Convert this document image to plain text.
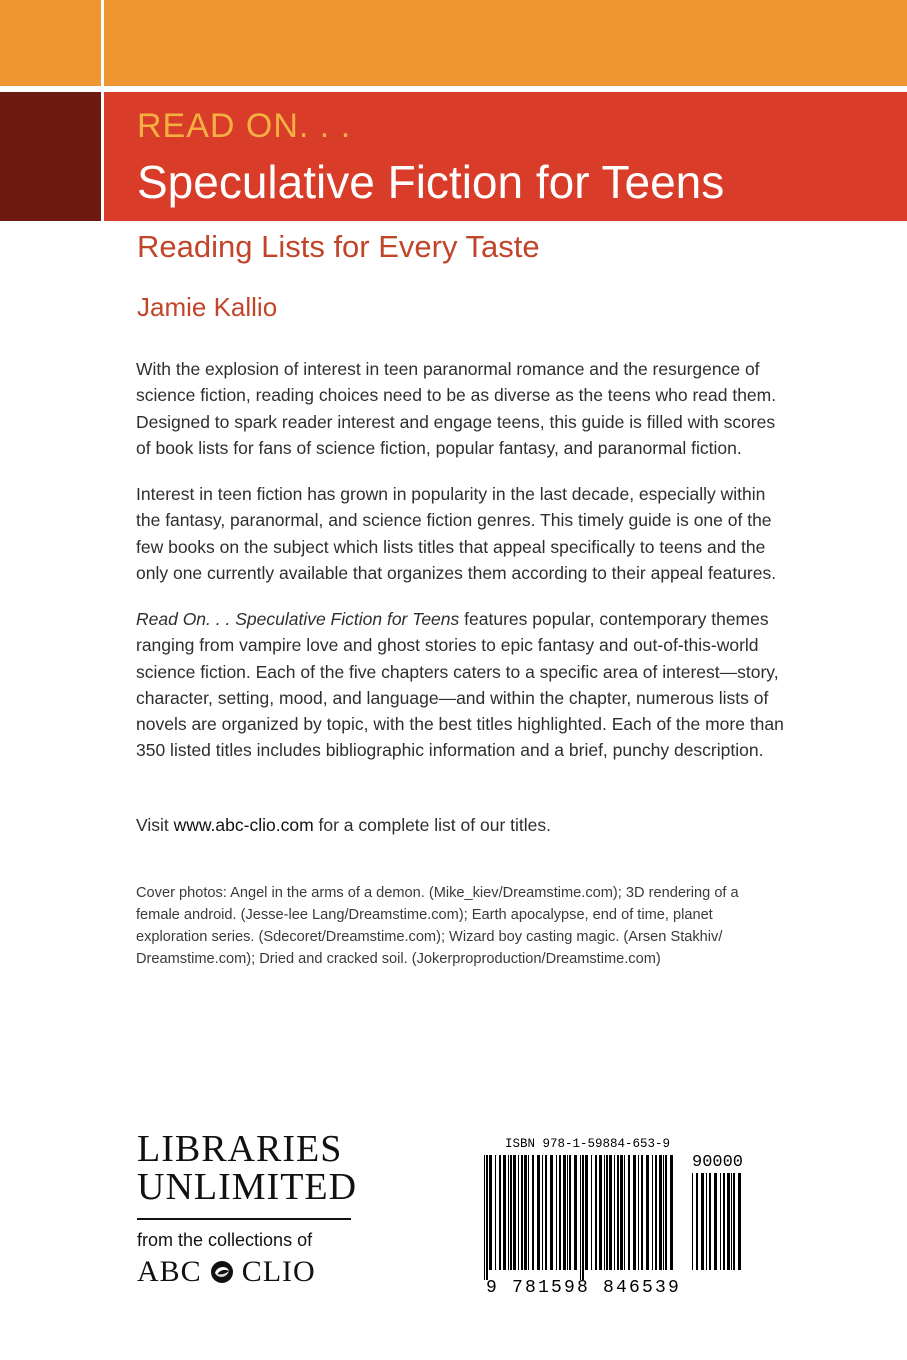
READ ON. . .
Speculative Fiction for Teens
Reading Lists for Every Taste
Jamie Kallio

With the explosion of interest in teen paranormal romance and the resurgence of science fiction, reading choices need to be as diverse as the teens who read them. Designed to spark reader interest and engage teens, this guide is filled with scores of book lists for fans of science fiction, popular fantasy, and paranormal fiction.

Interest in teen fiction has grown in popularity in the last decade, especially within the fantasy, paranormal, and science fiction genres. This timely guide is one of the few books on the subject which lists titles that appeal specifically to teens and the only one currently available that organizes them according to their appeal features.

Read On. . . Speculative Fiction for Teens features popular, contemporary themes ranging from vampire love and ghost stories to epic fantasy and out-of-this-world science fiction. Each of the five chapters caters to a specific area of interest—story, character, setting, mood, and language—and within the chapter, numerous lists of novels are organized by topic, with the best titles highlighted. Each of the more than 350 listed titles includes bibliographic information and a brief, punchy description.

Visit www.abc-clio.com for a complete list of our titles.

Cover photos: Angel in the arms of a demon. (Mike_kiev/Dreamstime.com); 3D rendering of a female android. (Jesse-lee Lang/Dreamstime.com); Earth apocalypse, end of time, planet exploration series. (Sdecoret/Dreamstime.com); Wizard boy casting magic. (Arsen Stakhiv/ Dreamstime.com); Dried and cracked soil. (Jokerproproduction/Dreamstime.com)

LIBRARIES
UNLIMITED
from the collections of
ABC CLIO
ISBN 978-1-59884-653-9
90000
9 781598 846539
